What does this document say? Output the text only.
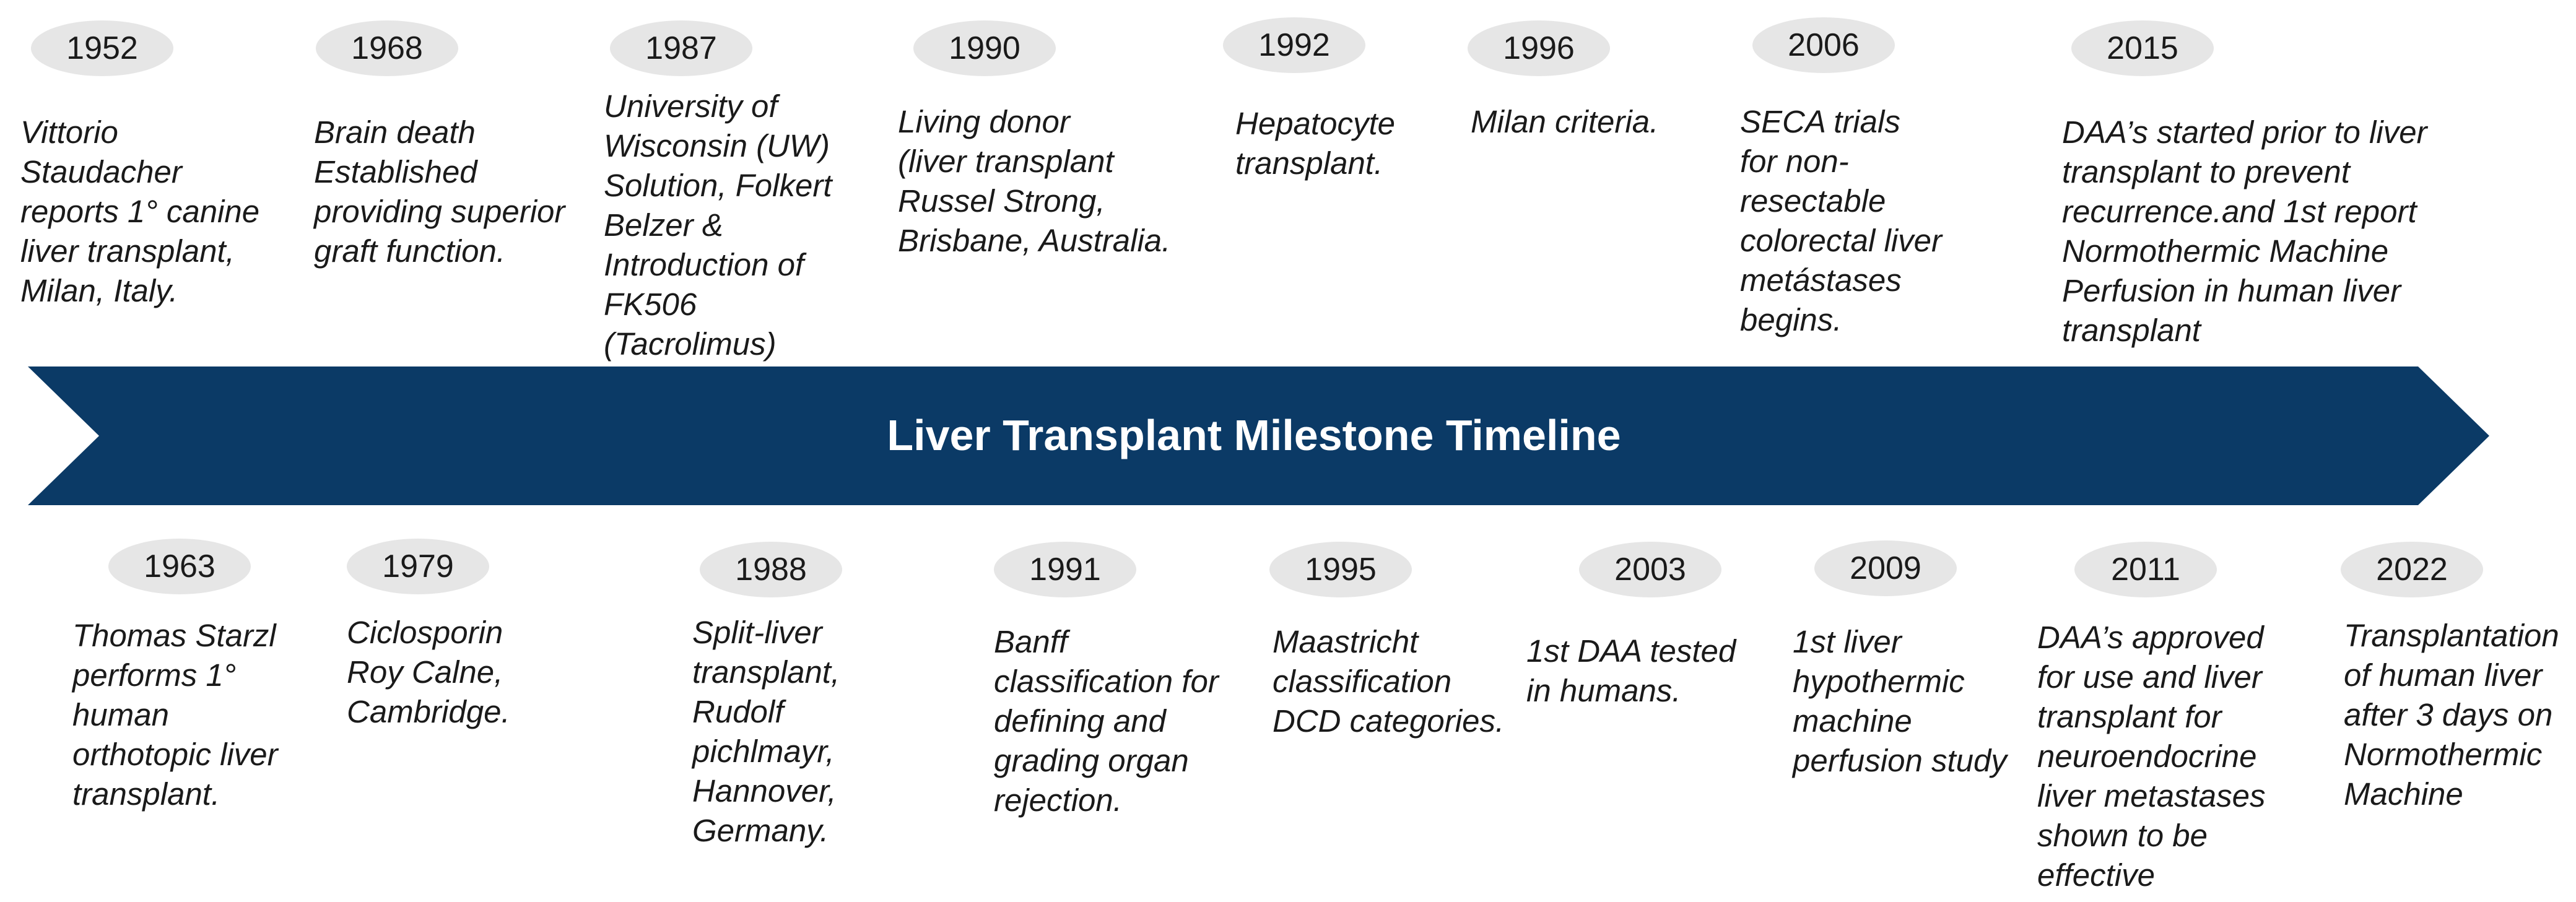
Liver Transplant Milestone Timeline
1952
Vittorio
Staudacher
reports 1° canine
liver transplant,
Milan, Italy.
1968
Brain death
Established
providing superior
graft function.
1987
University of
Wisconsin (UW)
Solution, Folkert
Belzer &
Introduction of
FK506
(Tacrolimus)
1990
Living donor
(liver transplant
Russel Strong,
Brisbane, Australia.
1992
Hepatocyte
transplant.
1996
Milan criteria.
2006
SECA trials
for non-
resectable
colorectal liver
metástases
begins.
2015
DAA’s started prior to liver
transplant to prevent
recurrence.and 1st report
Normothermic Machine
Perfusion in human liver
transplant
1963
Thomas Starzl
performs 1°
human
orthotopic liver
transplant.
1979
Ciclosporin
Roy Calne,
Cambridge.
1988
Split-liver
transplant,
Rudolf
pichlmayr,
Hannover,
Germany.
1991
Banff
classification for
defining and
grading organ
rejection.
1995
Maastricht
classification
DCD categories.
2003
1st DAA tested
in humans.
2009
1st liver
hypothermic
machine
perfusion study
2011
DAA’s approved
for use and liver
transplant for
neuroendocrine
liver metastases
shown to be
effective
2022
Transplantation
of human liver
after 3 days on
Normothermic
Machine
